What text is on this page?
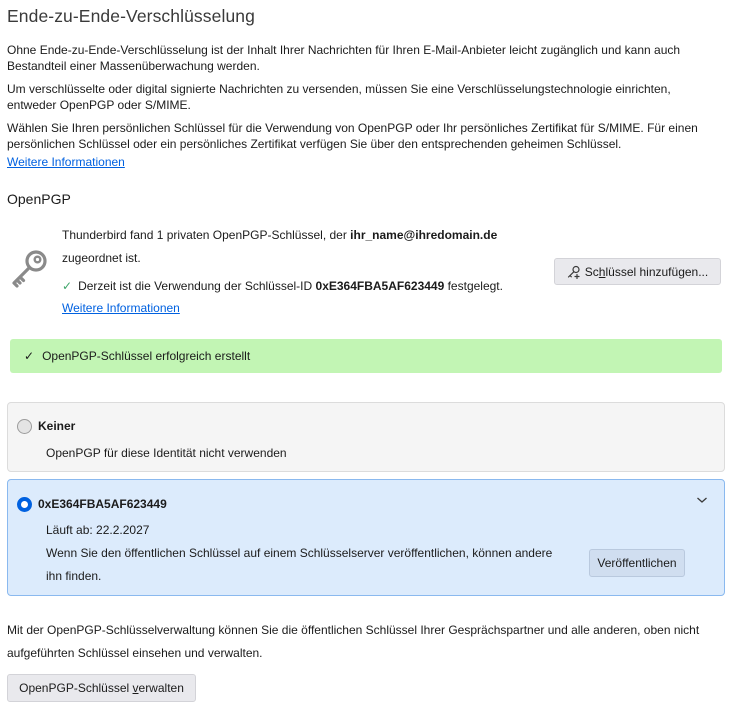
Ende-zu-Ende-Verschlüsselung
Ohne Ende-zu-Ende-Verschlüsselung ist der Inhalt Ihrer Nachrichten für Ihren E-Mail-Anbieter leicht zugänglich und kann auch Bestandteil einer Massenüberwachung werden.
Um verschlüsselte oder digital signierte Nachrichten zu versenden, müssen Sie eine Verschlüsselungstechnologie einrichten, entweder OpenPGP oder S/MIME.
Wählen Sie Ihren persönlichen Schlüssel für die Verwendung von OpenPGP oder Ihr persönliches Zertifikat für S/MIME. Für einen persönlichen Schlüssel oder ein persönliches Zertifikat verfügen Sie über den entsprechenden geheimen Schlüssel.
Weitere Informationen
OpenPGP
Thunderbird fand 1 privaten OpenPGP-Schlüssel, der ihr_name@ihredomain.de
zugeordnet ist.
✓ Derzeit ist die Verwendung der Schlüssel-ID 0xE364FBA5AF623449 festgelegt.
Weitere Informationen
Sc h lüssel hinzufügen...
✓ OpenPGP-Schlüssel erfolgreich erstellt
Keiner
OpenPGP für diese Identität nicht verwenden
0xE364FBA5AF623449
Läuft ab: 22.2.2027
Wenn Sie den öffentlichen Schlüssel auf einem Schlüsselserver veröffentlichen, können andere
ihn finden.
Veröffentlichen
Mit der OpenPGP-Schlüsselverwaltung können Sie die öffentlichen Schlüssel Ihrer Gesprächspartner und alle anderen, oben nicht
aufgeführten Schlüssel einsehen und verwalten.
OpenPGP-Schlüssel v erwalten
